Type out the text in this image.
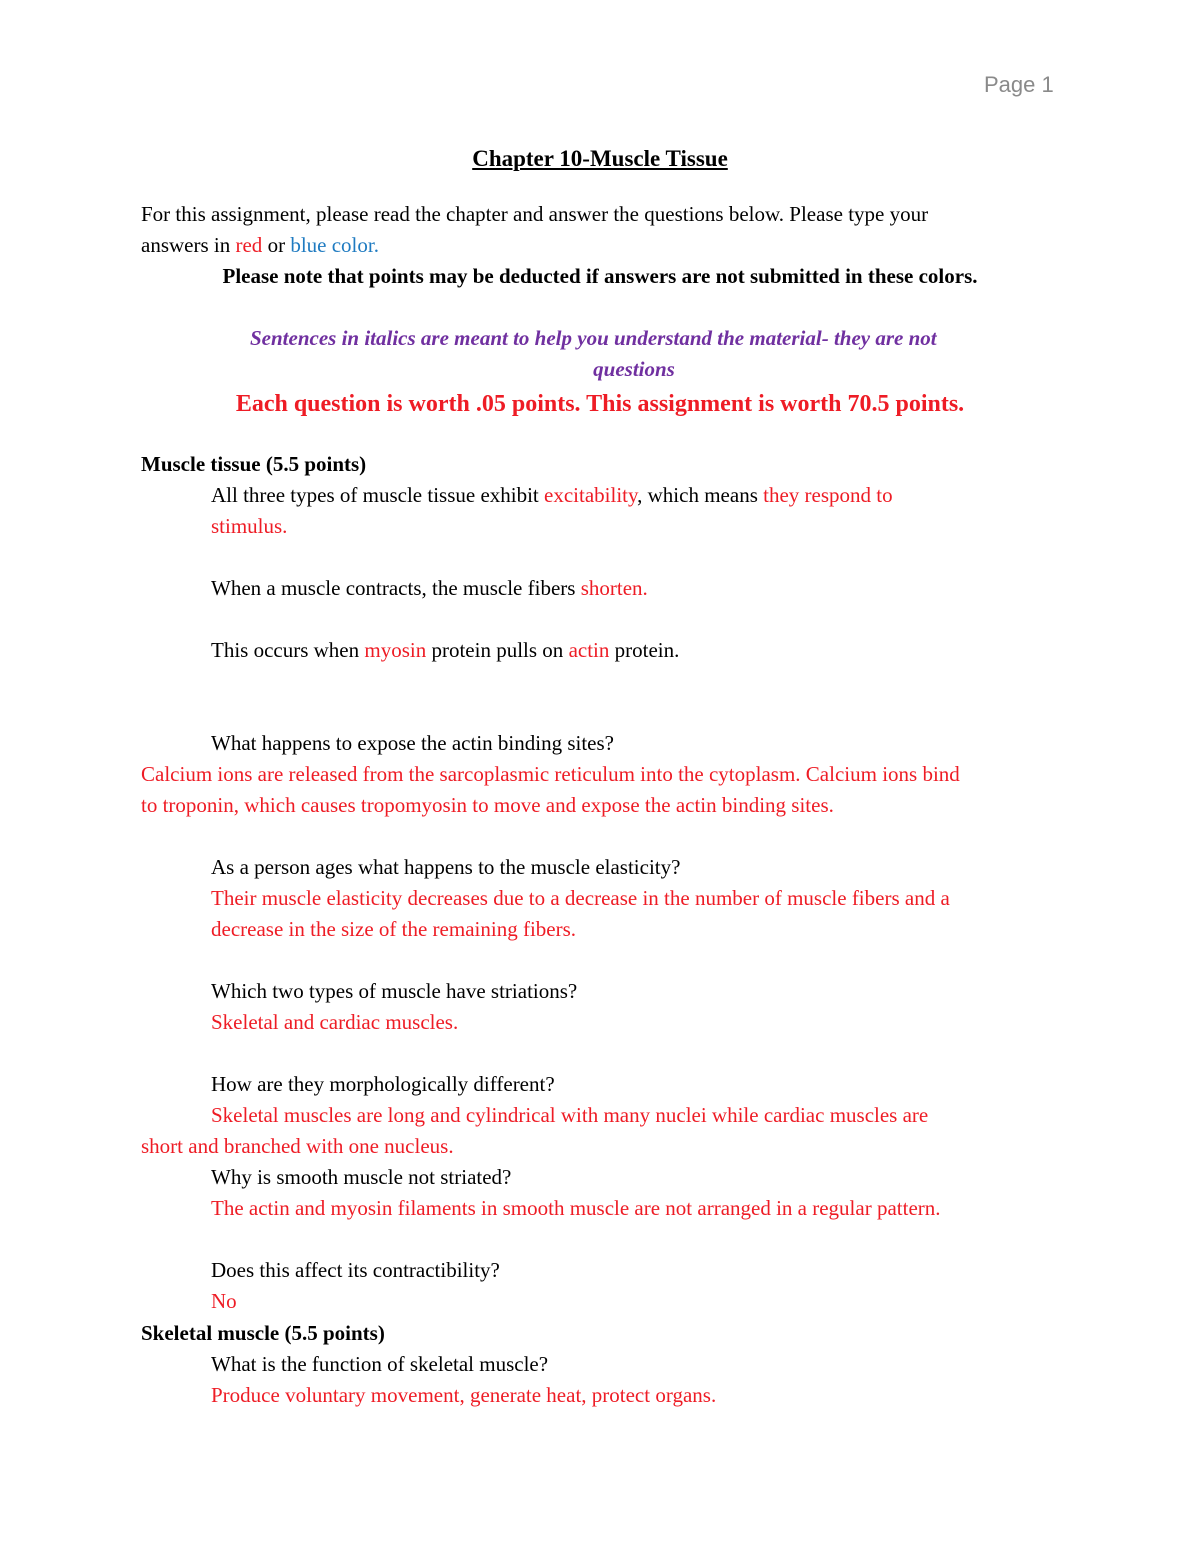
Page 1
Chapter 10-Muscle Tissue
For this assignment, please read the chapter and answer the questions below. Please type your
answers in red or blue color.
Please note that points may be deducted if answers are not submitted in these colors.
Sentences in italics are meant to help you understand the material- they are not
questions
Each question is worth .05 points. This assignment is worth 70.5 points.
Muscle tissue (5.5 points)
All three types of muscle tissue exhibit excitability, which means they respond to
stimulus.
When a muscle contracts, the muscle fibers shorten.
This occurs when myosin protein pulls on actin protein.
What happens to expose the actin binding sites?
Calcium ions are released from the sarcoplasmic reticulum into the cytoplasm. Calcium ions bind
to troponin, which causes tropomyosin to move and expose the actin binding sites.
As a person ages what happens to the muscle elasticity?
Their muscle elasticity decreases due to a decrease in the number of muscle fibers and a
decrease in the size of the remaining fibers.
Which two types of muscle have striations?
Skeletal and cardiac muscles.
How are they morphologically different?
Skeletal muscles are long and cylindrical with many nuclei while cardiac muscles are
short and branched with one nucleus.
Why is smooth muscle not striated?
The actin and myosin filaments in smooth muscle are not arranged in a regular pattern.
Does this affect its contractibility?
No
Skeletal muscle (5.5 points)
What is the function of skeletal muscle?
Produce voluntary movement, generate heat, protect organs.
